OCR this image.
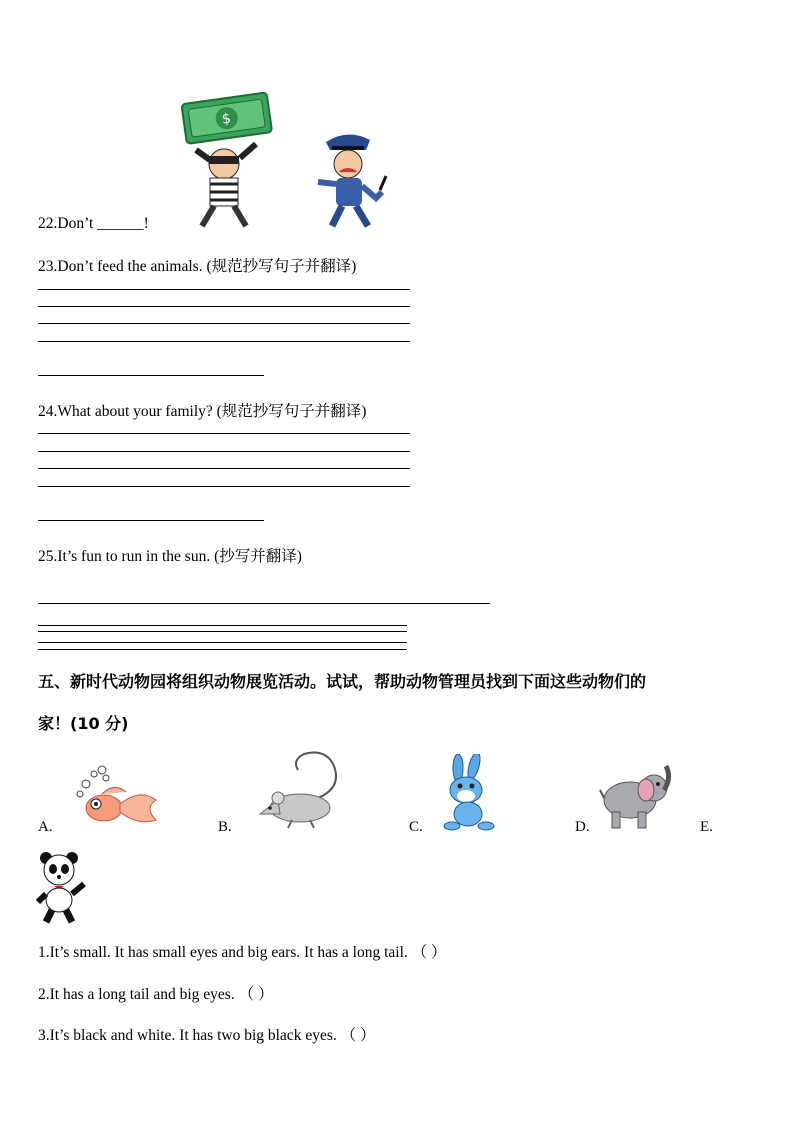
$
22.Don’t ______!
23.Don’t feed the animals. (规范抄写句子并翻译)
24.What about your family? (规范抄写句子并翻译)
25.It’s fun to run in the sun. (抄写并翻译)
五、新时代动物园将组织动物展览活动。试试，帮助动物管理员找到下面这些动物们的
家！(10 分)
A.	B.	C.	D.	E.
1.It’s small. It has small eyes and big ears. It has a long tail. （ ）
2.It has a long tail and big eyes. （ ）
3.It’s black and white. It has two big black eyes. （ ）
